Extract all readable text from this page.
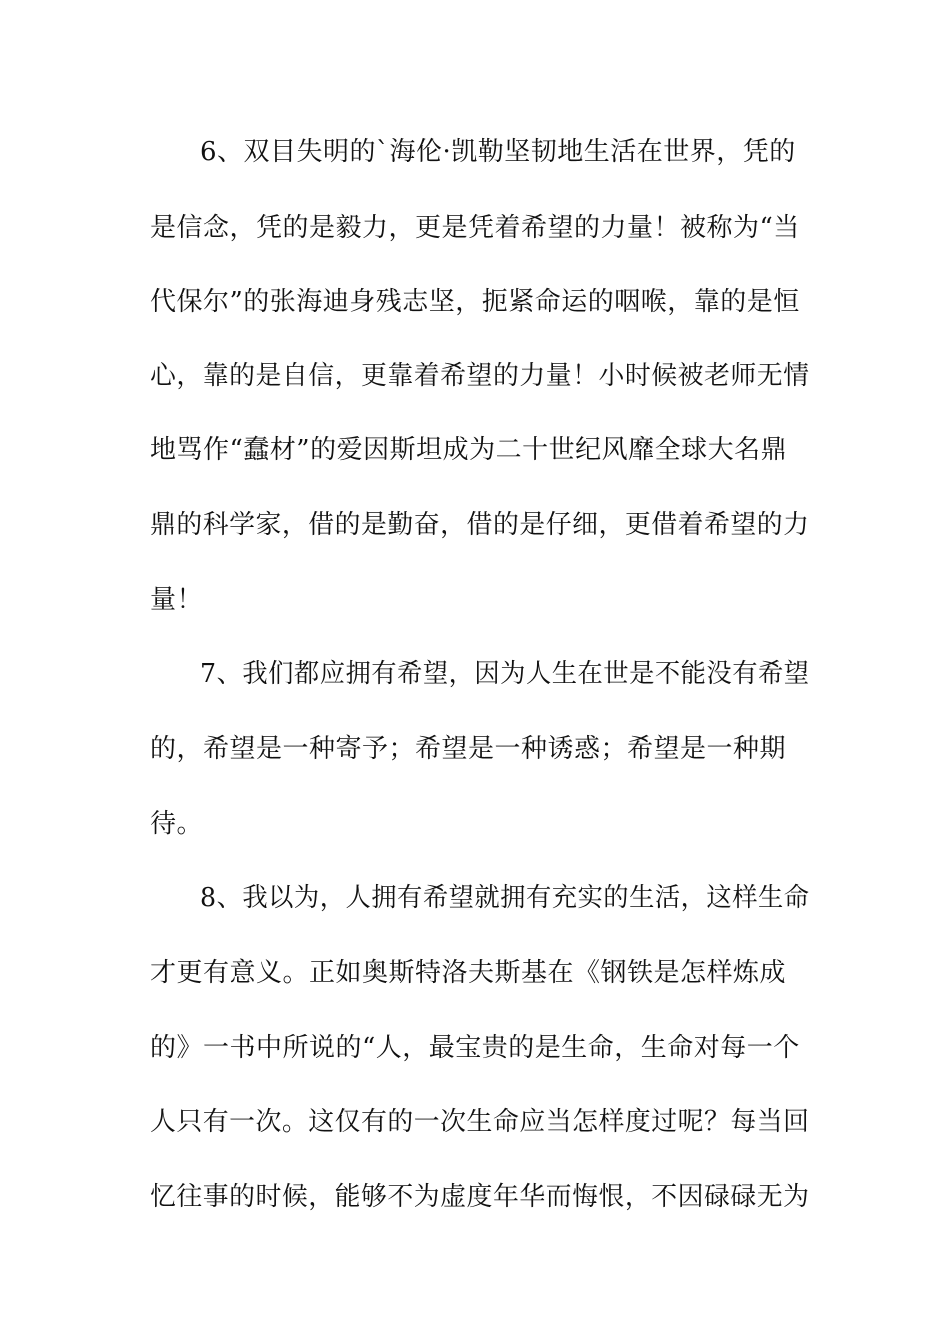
6、双目失明的`海伦·凯勒坚韧地生活在世界，凭的
是信念，凭的是毅力，更是凭着希望的力量！被称为“当
代保尔”的张海迪身残志坚，扼紧命运的咽喉，靠的是恒
心，靠的是自信，更靠着希望的力量！小时候被老师无情
地骂作“蠢材”的爱因斯坦成为二十世纪风靡全球大名鼎
鼎的科学家，借的是勤奋，借的是仔细，更借着希望的力
量！
7、我们都应拥有希望，因为人生在世是不能没有希望
的，希望是一种寄予；希望是一种诱惑；希望是一种期
待。
8、我以为，人拥有希望就拥有充实的生活，这样生命
才更有意义。正如奥斯特洛夫斯基在《钢铁是怎样炼成
的》一书中所说的“人，最宝贵的是生命，生命对每一个
人只有一次。这仅有的一次生命应当怎样度过呢？每当回
忆往事的时候，能够不为虚度年华而悔恨，不因碌碌无为
